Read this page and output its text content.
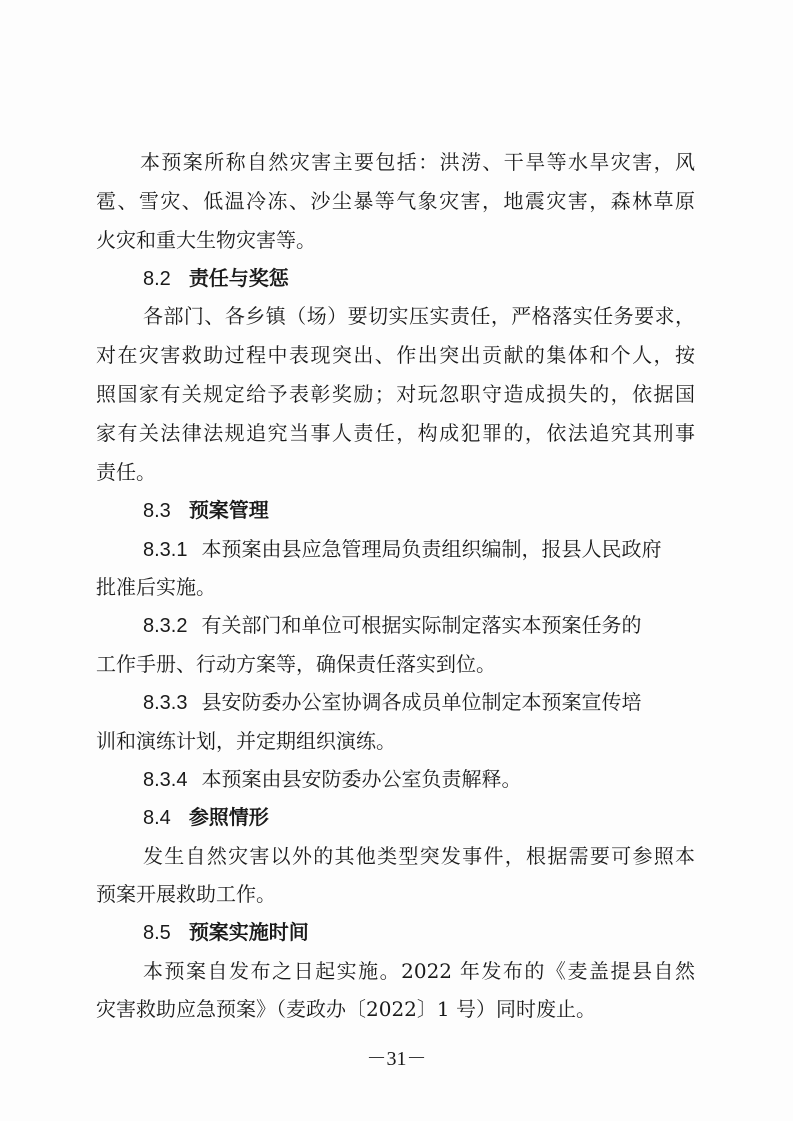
本预案所称自然灾害主要包括：洪涝、干旱等水旱灾害，风
雹、雪灾、低温冷冻、沙尘暴等气象灾害，地震灾害，森林草原
火灾和重大生物灾害等。
8.2 责任与奖惩
各部门、各乡镇（场）要切实压实责任，严格落实任务要求，
对在灾害救助过程中表现突出、作出突出贡献的集体和个人，按
照国家有关规定给予表彰奖励；对玩忽职守造成损失的，依据国
家有关法律法规追究当事人责任，构成犯罪的，依法追究其刑事
责任。
8.3 预案管理
8.3.1 本预案由县应急管理局负责组织编制，报县人民政府
批准后实施。
8.3.2 有关部门和单位可根据实际制定落实本预案任务的
工作手册、行动方案等，确保责任落实到位。
8.3.3 县安防委办公室协调各成员单位制定本预案宣传培
训和演练计划，并定期组织演练。
8.3.4 本预案由县安防委办公室负责解释。
8.4 参照情形
发生自然灾害以外的其他类型突发事件，根据需要可参照本
预案开展救助工作。
8.5 预案实施时间
本预案自发布之日起实施。2022 年发布的《麦盖提县自然
灾害救助应急预案》（麦政办〔2022〕1 号）同时废止。
－31－
